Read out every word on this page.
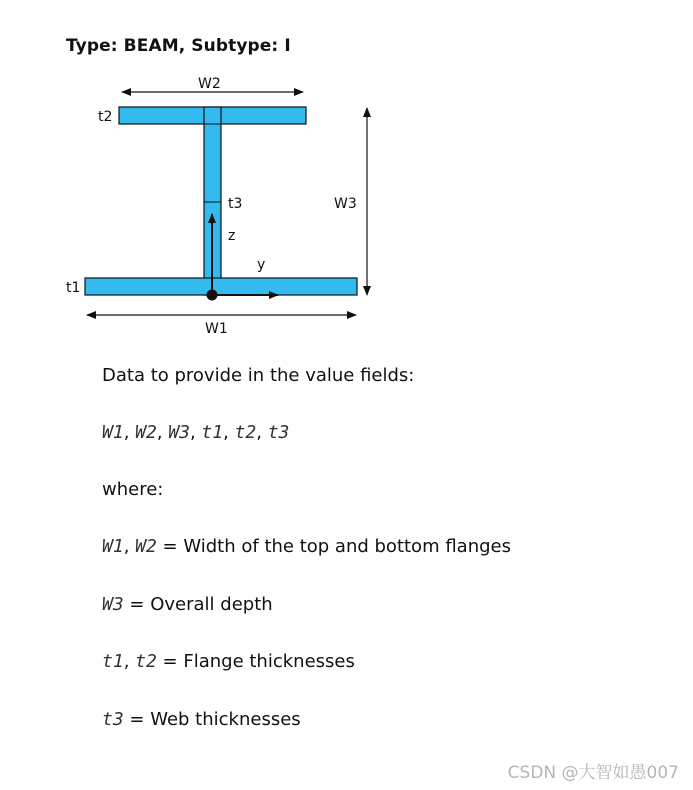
Type: BEAM, Subtype: I
W2
t2
t3
z
W3
y
t1
W1
Data to provide in the value fields:
W1, W2, W3, t1, t2, t3
where:
W1, W2 = Width of the top and bottom flanges
W3 = Overall depth
t1, t2 = Flange thicknesses
t3 = Web thicknesses
CSDN @大智如愚007
